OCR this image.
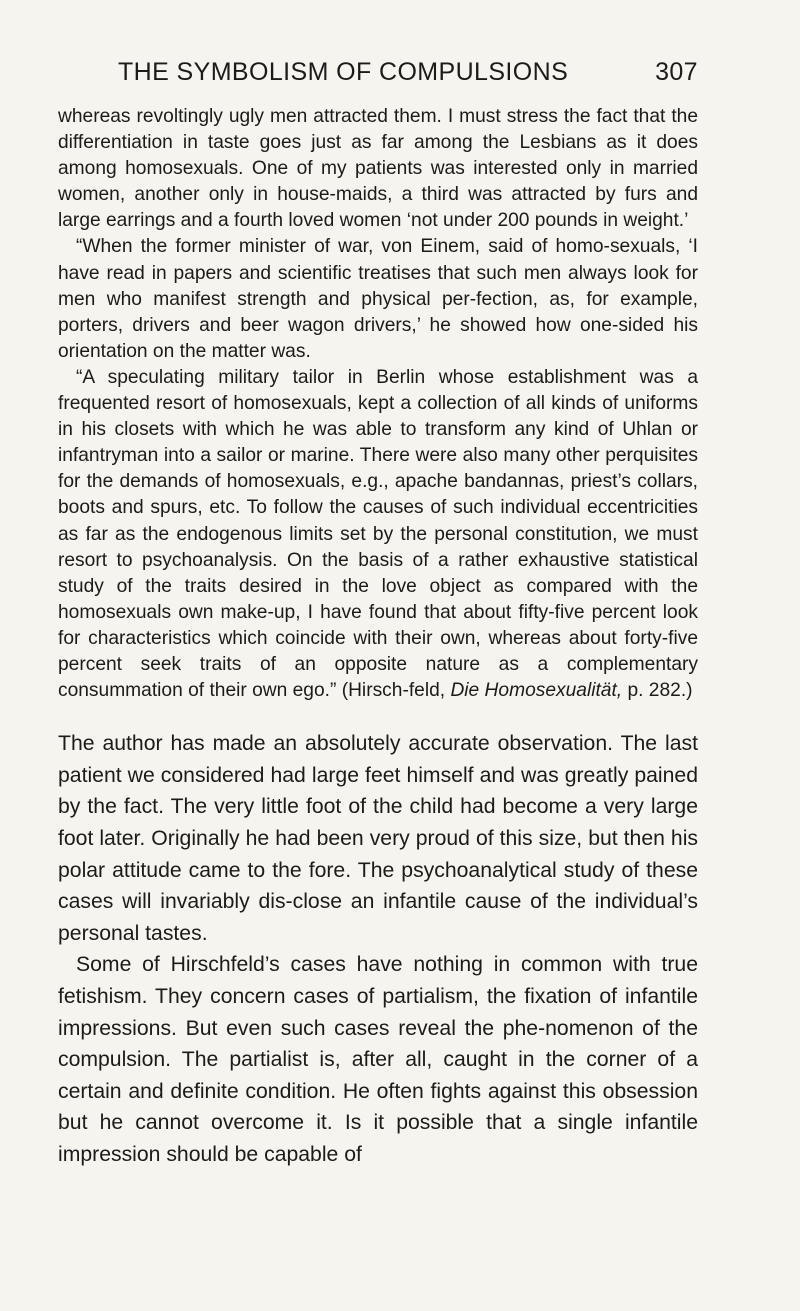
THE SYMBOLISM OF COMPULSIONS	307

whereas revoltingly ugly men attracted them. I must stress the fact that the differentiation in taste goes just as far among the Lesbians as it does among homosexuals. One of my patients was interested only in married women, another only in house-maids, a third was attracted by furs and large earrings and a fourth loved women ‘not under 200 pounds in weight.’

“When the former minister of war, von Einem, said of homo-sexuals, ‘I have read in papers and scientific treatises that such men always look for men who manifest strength and physical per-fection, as, for example, porters, drivers and beer wagon drivers,’ he showed how one-sided his orientation on the matter was.

“A speculating military tailor in Berlin whose establishment was a frequented resort of homosexuals, kept a collection of all kinds of uniforms in his closets with which he was able to transform any kind of Uhlan or infantryman into a sailor or marine. There were also many other perquisites for the demands of homosexuals, e.g., apache bandannas, priest’s collars, boots and spurs, etc. To follow the causes of such individual eccentricities as far as the endogenous limits set by the personal constitution, we must resort to psychoanalysis. On the basis of a rather exhaustive statistical study of the traits desired in the love object as compared with the homosexuals own make-up, I have found that about fifty-five percent look for characteristics which coincide with their own, whereas about forty-five percent seek traits of an opposite nature as a complementary consummation of their own ego.” (Hirsch-feld, Die Homosexualität, p. 282.)

The author has made an absolutely accurate observation. The last patient we considered had large feet himself and was greatly pained by the fact. The very little foot of the child had become a very large foot later. Originally he had been very proud of this size, but then his polar attitude came to the fore. The psychoanalytical study of these cases will invariably dis-close an infantile cause of the individual’s personal tastes.

Some of Hirschfeld’s cases have nothing in common with true fetishism. They concern cases of partialism, the fixation of infantile impressions. But even such cases reveal the phe-nomenon of the compulsion. The partialist is, after all, caught in the corner of a certain and definite condition. He often fights against this obsession but he cannot overcome it. Is it possible that a single infantile impression should be capable of
